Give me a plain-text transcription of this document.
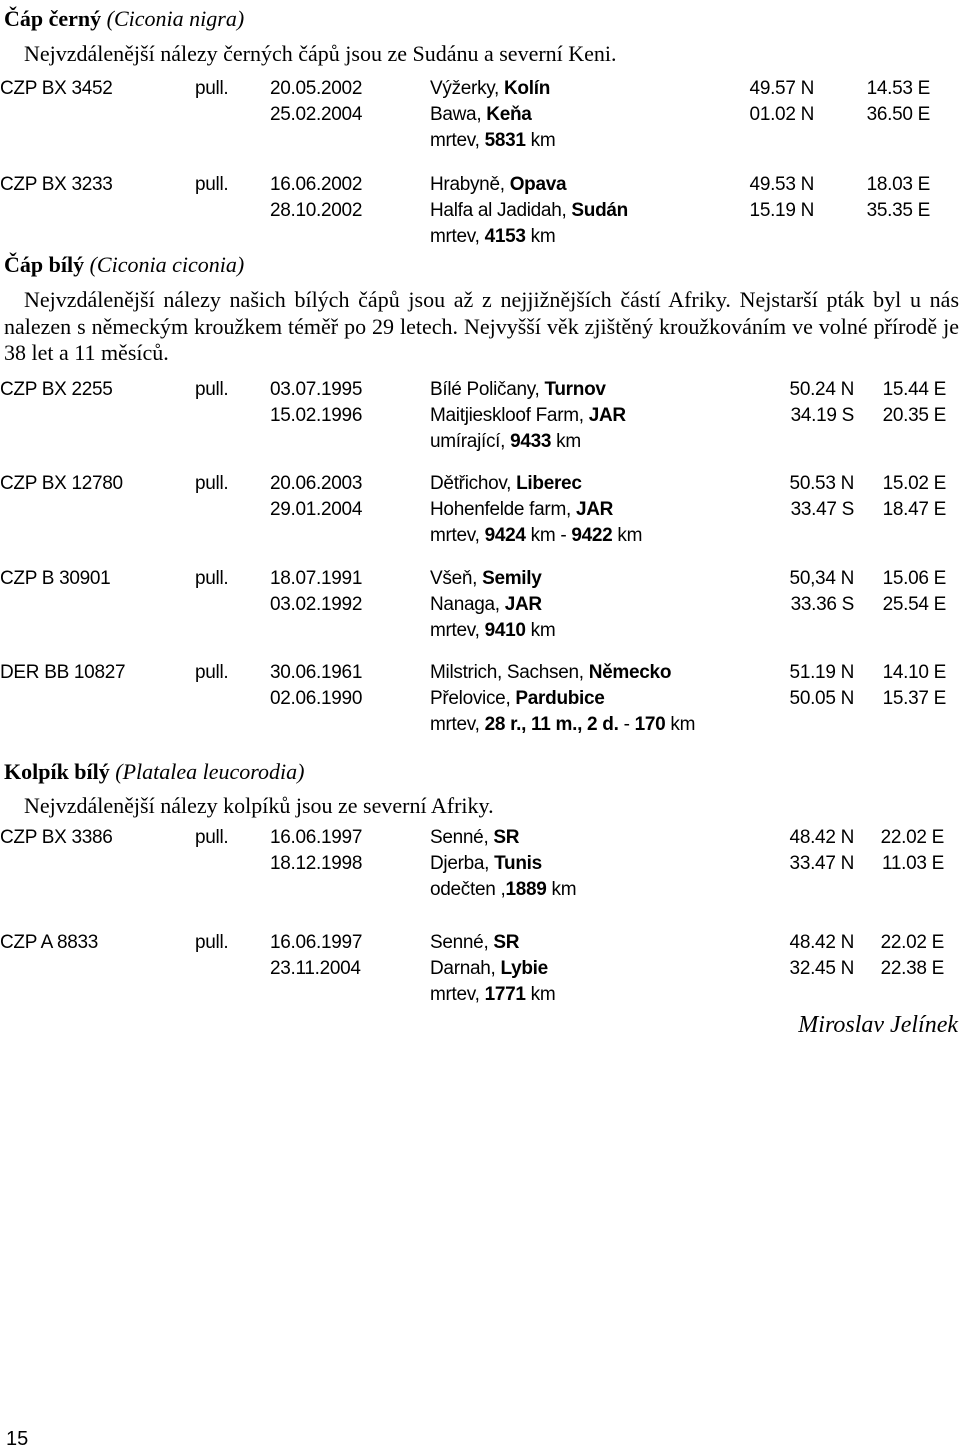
Čáp černý (Ciconia nigra)
Nejvzdálenější nálezy černých čápů jsou ze Sudánu a severní Keni.
CZP BX 3452	pull. 20.05.2002	Výžerky, Kolín	49.57 N	14.53 E
25.02.2004	Bawa, Keňa	01.02 N	36.50 E
mrtev, 5831 km
CZP BX 3233	pull. 16.06.2002	Hrabyně, Opava	49.53 N	18.03 E
28.10.2002	Halfa al Jadidah, Sudán	15.19 N	35.35 E
mrtev, 4153 km
Čáp bílý (Ciconia ciconia)
Nejvzdálenější nálezy našich bílých čápů jsou až z nejjižnějších částí Afriky. Nejstarší pták byl u nás nalezen s německým kroužkem téměř po 29 letech. Nejvyšší věk zjištěný kroužkováním ve volné přírodě je 38 let a 11 měsíců.
CZP BX 2255	pull. 03.07.1995	Bílé Poličany, Turnov	50.24 N 15.44 E
15.02.1996	Maitjieskloof Farm, JAR	34.19 S 20.35 E
umírající, 9433 km
CZP BX 12780	pull. 20.06.2003	Dětřichov, Liberec	50.53 N 15.02 E
29.01.2004	Hohenfelde farm, JAR	33.47 S 18.47 E
mrtev, 9424 km - 9422 km
CZP B 30901	pull. 18.07.1991	Všeň, Semily	50,34 N 15.06 E
03.02.1992	Nanaga, JAR	33.36 S 25.54 E
mrtev, 9410 km
DER BB 10827	pull. 30.06.1961	Milstrich, Sachsen, Německo	51.19 N 14.10 E
02.06.1990	Přelovice, Pardubice	50.05 N 15.37 E
mrtev, 28 r., 11 m., 2 d. - 170 km
Kolpík bílý (Platalea leucorodia)
Nejvzdálenější nálezy kolpíků jsou ze severní Afriky.
CZP BX 3386	pull. 16.06.1997	Senné, SR	48.42 N 22.02 E
18.12.1998	Djerba, Tunis	33.47 N 11.03 E
odečten ,1889 km
CZP A 8833	pull. 16.06.1997	Senné, SR	48.42 N 22.02 E
23.11.2004	Darnah, Lybie	32.45 N 22.38 E
mrtev, 1771 km
Miroslav Jelínek
15
